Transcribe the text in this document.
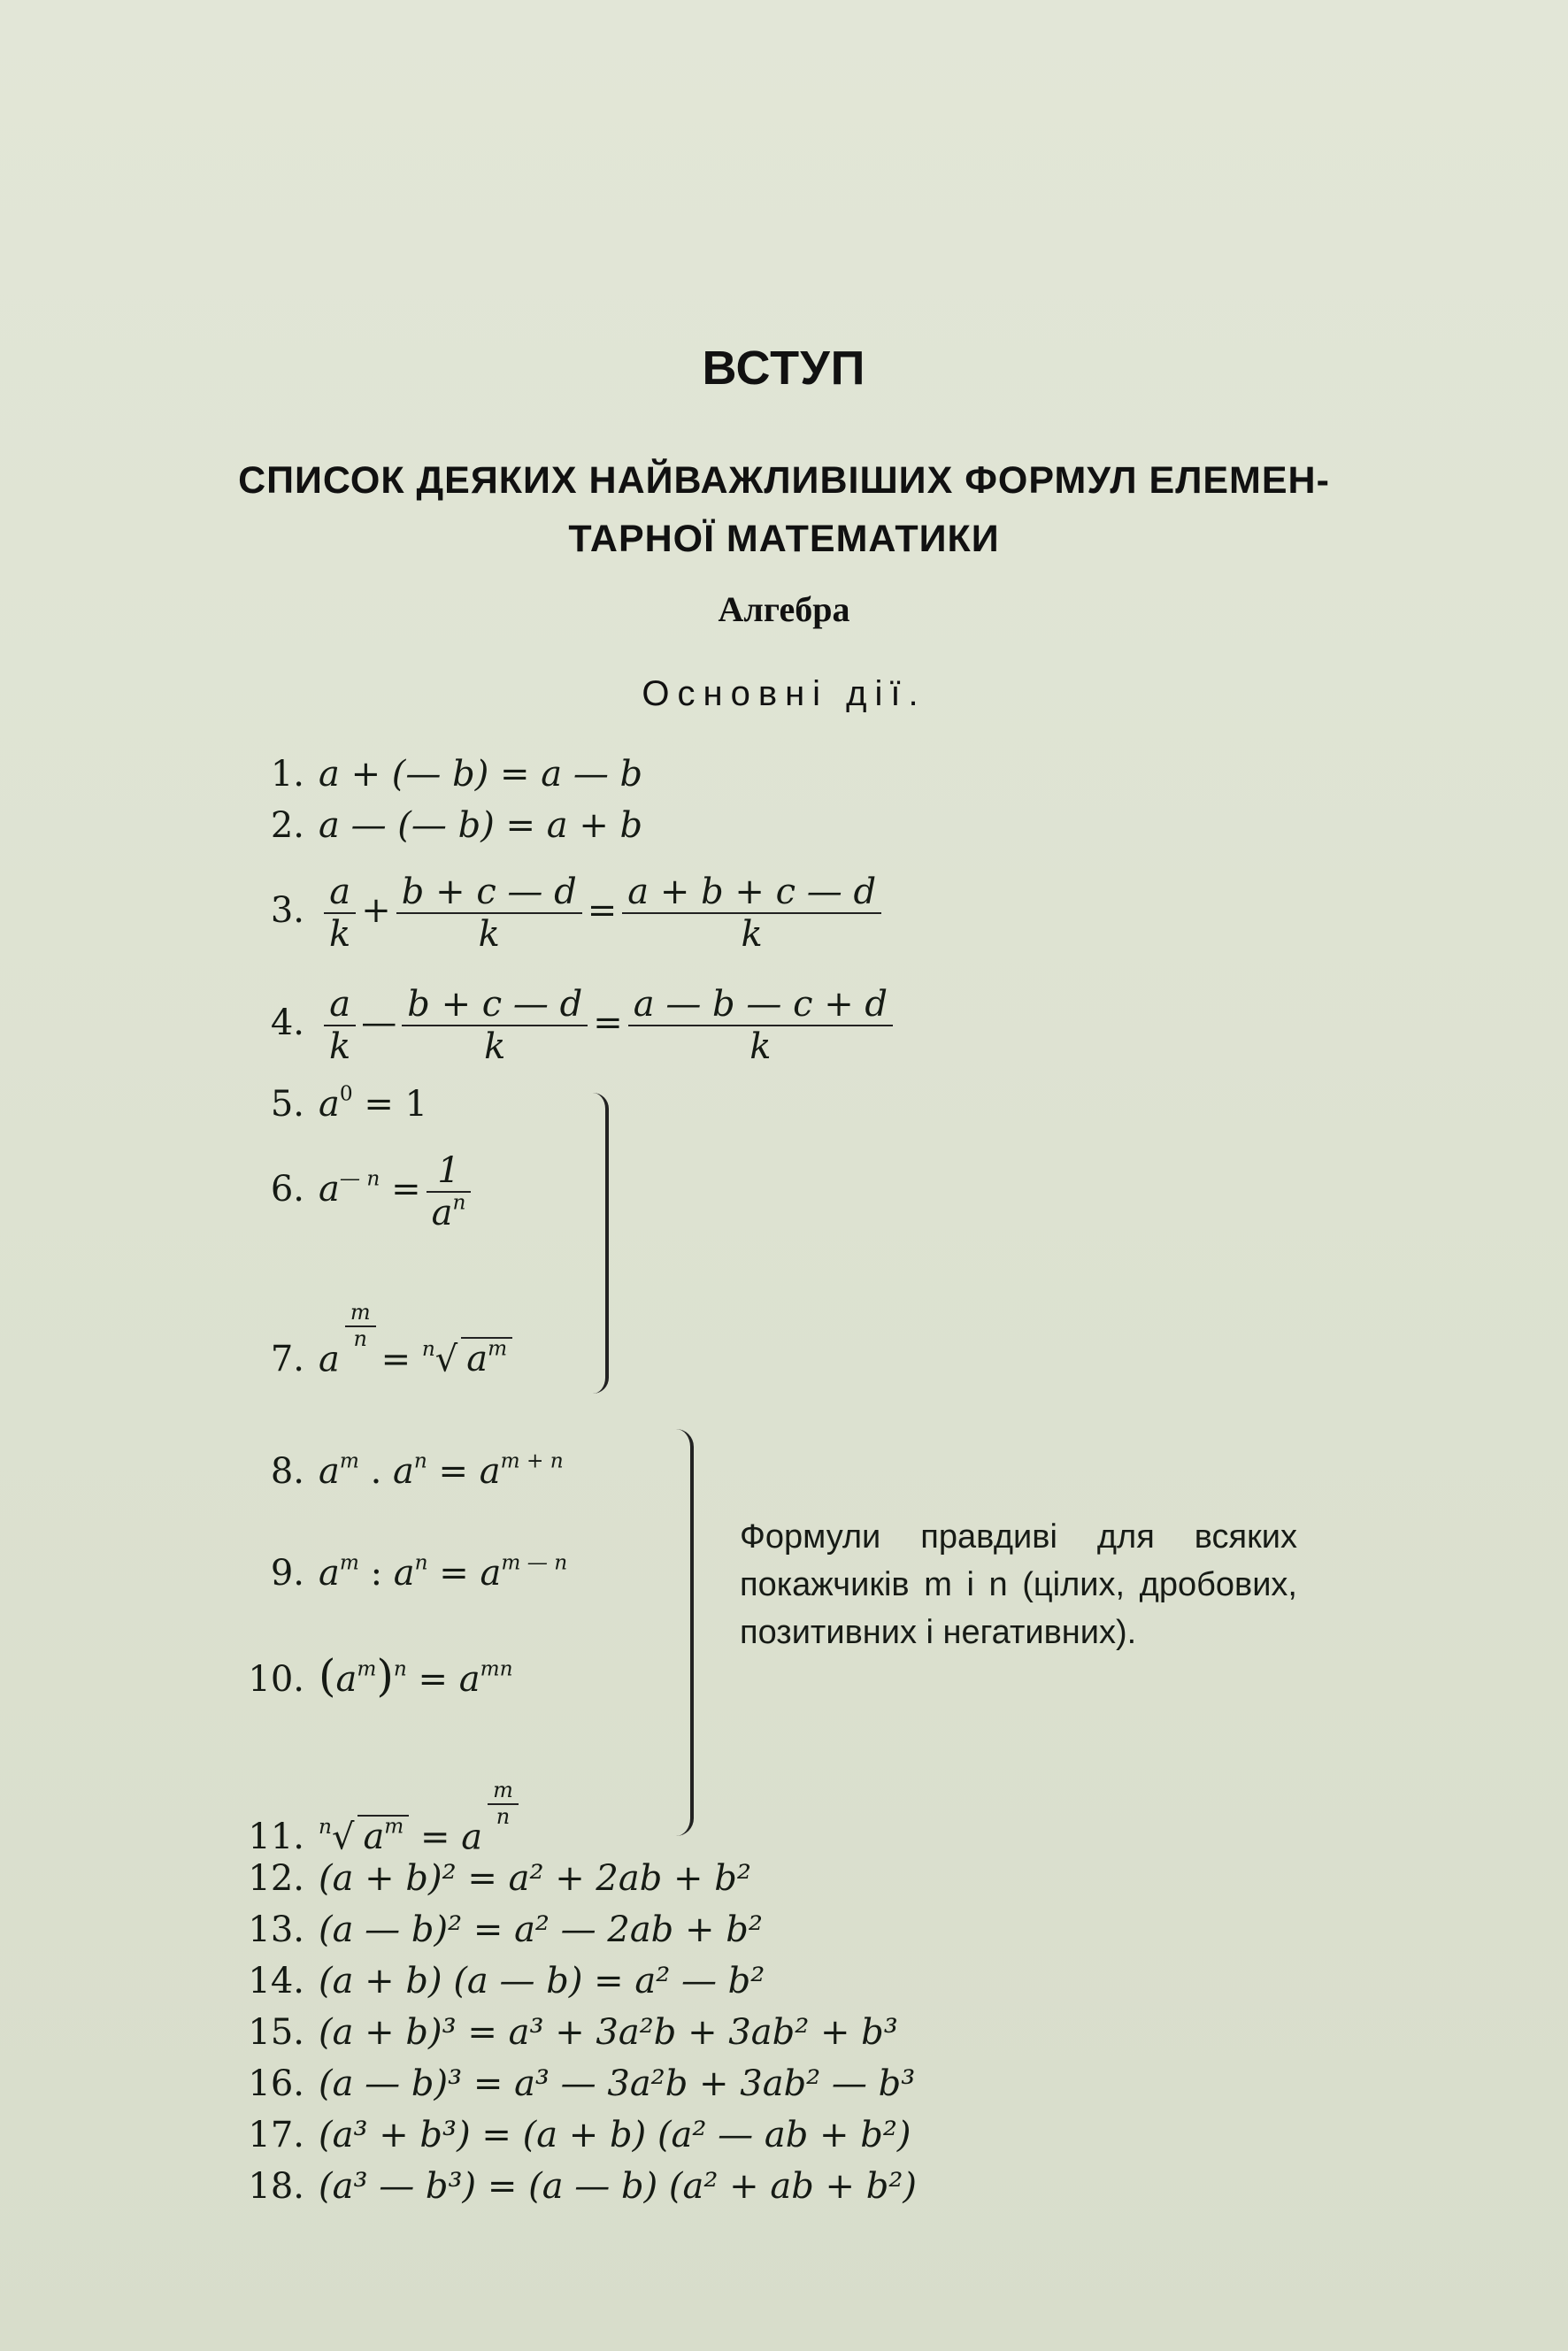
ВСТУП
СПИСОК ДЕЯКИХ НАЙВАЖЛИВІШИХ ФОРМУЛ ЕЛЕМЕН-
ТАРНОЇ МАТЕМАТИКИ
Алгебра
Основні дії.
1. a + (— b) = a — b
2. a — (— b) = a + b
3. $\frac{a}{k} + \frac{b + c — d}{k} = \frac{a + b + c — d}{k}$
4. $\frac{a}{k}$ — $\frac{b + c — d}{k} = \frac{a — b — c + d}{k}$
5. $a^0 = 1$
6. $a^{— n} = \frac{1}{a^n}$
7. a
$\frac{m}{n}$
= $^n$√ $a^m$
8. $a^m$ . $a^n = a^{m + n}$
9. $a^m$ : $a^n = a^{m — n}$
10. $(a^m)^n = a^{mn}$
11. $^n$√ $a^m = a$
$\frac{m}{n}$
Формули правдиві для всяких покажчиків m і n (цілих, дробових, позитивних і негативних).
12. (a + b)² = a² + 2ab + b²
13. (a — b)² = a² — 2ab + b²
14. (a + b) (a — b) = a² — b²
15. (a + b)³ = a³ + 3a²b + 3ab² + b³
16. (a — b)³ = a³ — 3a²b + 3ab² — b³
17. (a³ + b³) = (a + b) (a² — ab + b²)
18. (a³ — b³) = (a — b) (a² + ab + b²)
